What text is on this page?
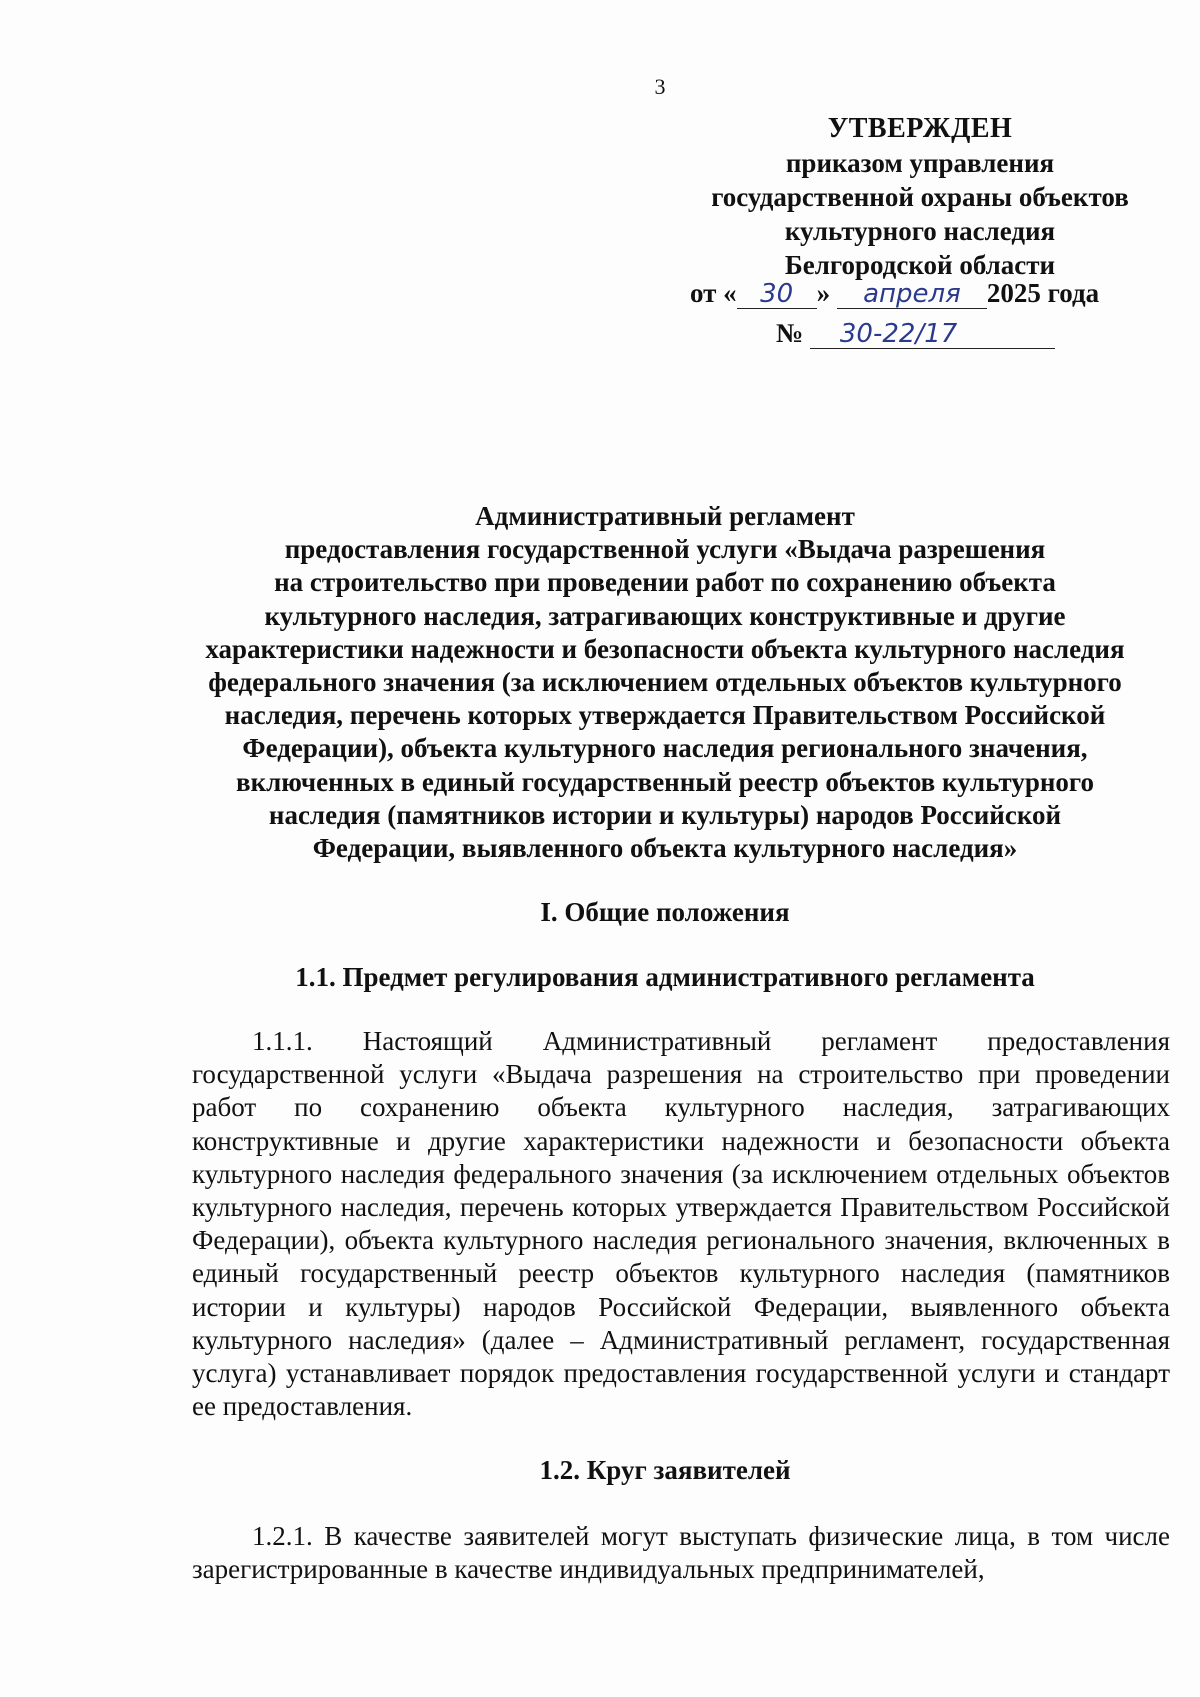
3
УТВЕРЖДЕН
приказом управления
государственной охраны объектов
культурного наследия
Белгородской области
от « 30 » апреля 2025 года
№ 30-22/17
Административный регламент
предоставления государственной услуги «Выдача разрешения
на строительство при проведении работ по сохранению объекта
культурного наследия, затрагивающих конструктивные и другие
характеристики надежности и безопасности объекта культурного наследия
федерального значения (за исключением отдельных объектов культурного
наследия, перечень которых утверждается Правительством Российской
Федерации), объекта культурного наследия регионального значения,
включенных в единый государственный реестр объектов культурного
наследия (памятников истории и культуры) народов Российской
Федерации, выявленного объекта культурного наследия»
I. Общие положения
1.1. Предмет регулирования административного регламента
1.1.1. Настоящий Административный регламент предоставления государственной услуги «Выдача разрешения на строительство при проведении работ по сохранению объекта культурного наследия, затрагивающих конструктивные и другие характеристики надежности и безопасности объекта культурного наследия федерального значения (за исключением отдельных объектов культурного наследия, перечень которых утверждается Правительством Российской Федерации), объекта культурного наследия регионального значения, включенных в единый государственный реестр объектов культурного наследия (памятников истории и культуры) народов Российской Федерации, выявленного объекта культурного наследия» (далее – Административный регламент, государственная услуга) устанавливает порядок предоставления государственной услуги и стандарт ее предоставления.
1.2. Круг заявителей
1.2.1. В качестве заявителей могут выступать физические лица, в том числе зарегистрированные в качестве индивидуальных предпринимателей,
